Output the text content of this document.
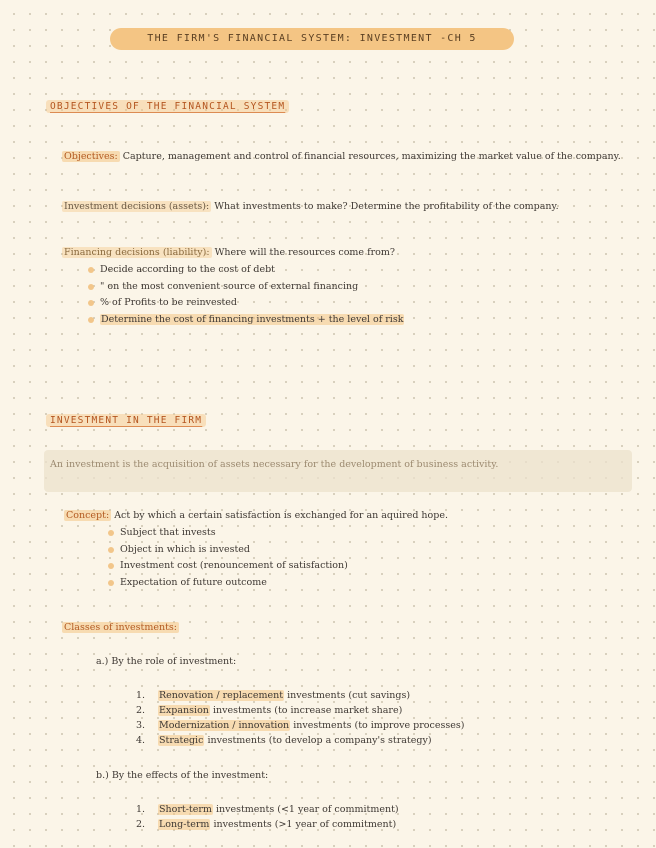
THE FIRM'S FINANCIAL SYSTEM: INVESTMENT -CH 5
OBJECTIVES OF THE FINANCIAL SYSTEM
Objectives: Capture, management and control of financial resources, maximizing the market value of the company.
Investment decisions (assets): What investments to make? Determine the profitability of the company.
Financing decisions (liability): Where will the resources come from?
Decide according to the cost of debt
" on the most convenient source of external financing
% of Profits to be reinvested
Determine the cost of financing investments + the level of risk
INVESTMENT IN THE FIRM
An investment is the acquisition of assets necessary for the development of business activity.
Concept: Act by which a certain satisfaction is exchanged for an aquired hope.
Subject that invests
Object in which is invested
Investment cost (renouncement of satisfaction)
Expectation of future outcome
Classes of investments:
a.) By the role of investment:
1. Renovation / replacement investments (cut savings)
2. Expansion investments (to increase market share)
3. Modernization / innovation investments (to improve processes)
4. Strategic investments (to develop a company's strategy)
b.) By the effects of the investment:
1. Short-term investments (<1 year of commitment)
2. Long-term investments (>1 year of commitment)
